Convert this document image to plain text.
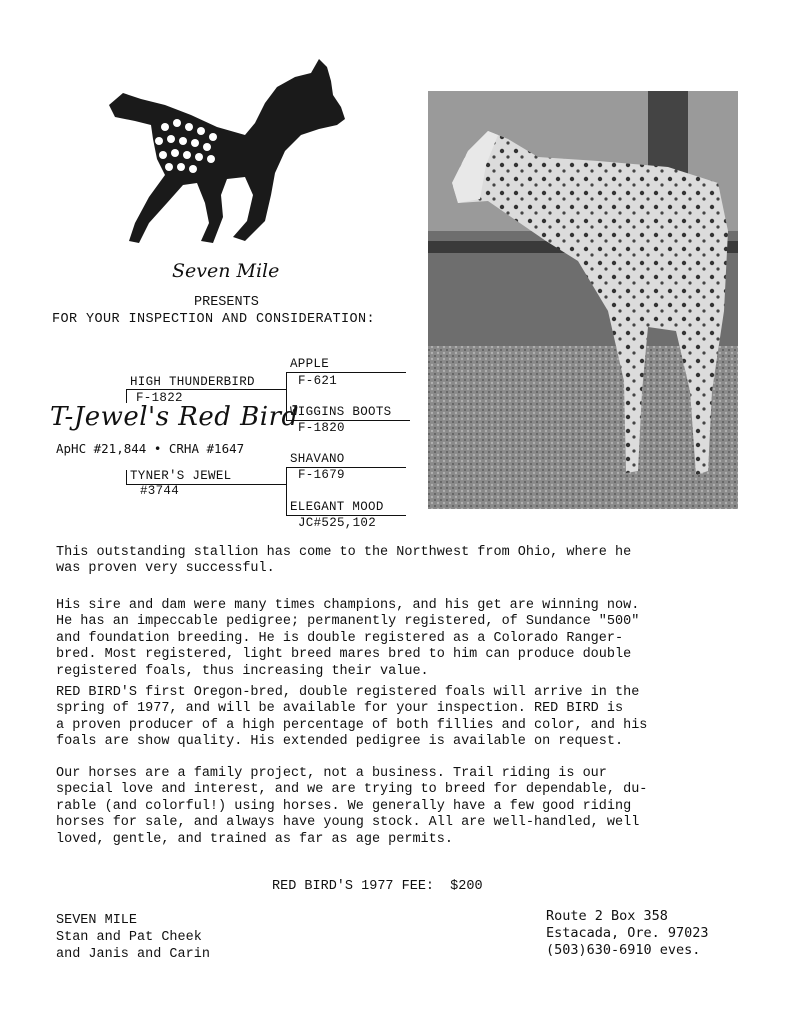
Seven Mile
PRESENTS
FOR YOUR INSPECTION AND CONSIDERATION:
APPLE
F-621
HIGH THUNDERBIRD
F-1822
WIGGINS BOOTS
F-1820
T-Jewel's Red Bird
ApHC #21,844 • CRHA #1647
SHAVANO
F-1679
TYNER'S JEWEL
#3744
ELEGANT MOOD
JC#525,102

This outstanding stallion has come to the Northwest from Ohio, where he
was proven very successful.

His sire and dam were many times champions, and his get are winning now.
He has an impeccable pedigree; permanently registered, of Sundance "500"
and foundation breeding. He is double registered as a Colorado Ranger-
bred. Most registered, light breed mares bred to him can produce double
registered foals, thus increasing their value.

RED BIRD'S first Oregon-bred, double registered foals will arrive in the
spring of 1977, and will be available for your inspection. RED BIRD is
a proven producer of a high percentage of both fillies and color, and his
foals are show quality. His extended pedigree is available on request.

Our horses are a family project, not a business. Trail riding is our
special love and interest, and we are trying to breed for dependable, du-
rable (and colorful!) using horses. We generally have a few good riding
horses for sale, and always have young stock. All are well-handled, well
loved, gentle, and trained as far as age permits.

RED BIRD'S 1977 FEE: $200
SEVEN MILE
Stan and Pat Cheek
and Janis and Carin
Route 2 Box 358
Estacada, Ore. 97023
(503)630-6910 eves.
